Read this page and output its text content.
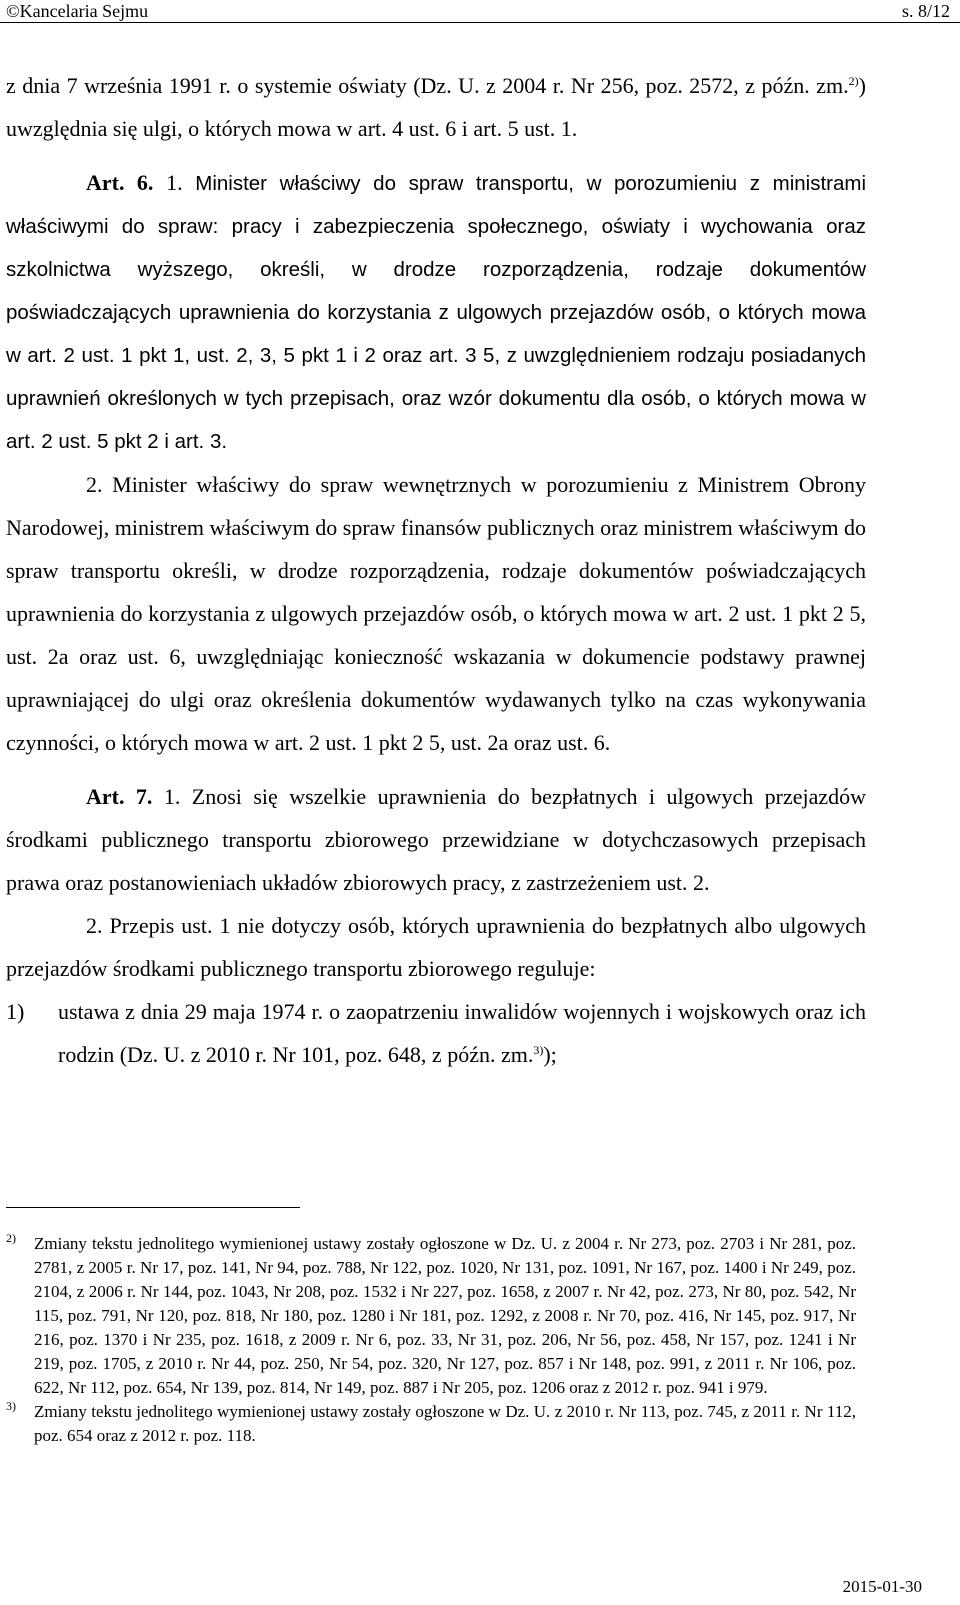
©Kancelaria Sejmu	s. 8/12

z dnia 7 września 1991 r. o systemie oświaty (Dz. U. z 2004 r. Nr 256, poz. 2572, z późn. zm.$^{2)}$) uwzględnia się ulgi, o których mowa w art. 4 ust. 6 i art. 5 ust. 1.

Art. 6. 1. Minister właściwy do spraw transportu, w porozumieniu z ministrami właściwymi do spraw: pracy i zabezpieczenia społecznego, oświaty i wychowania oraz szkolnictwa wyższego, określi, w drodze rozporządzenia, rodzaje dokumentów poświadczających uprawnienia do korzystania z ulgowych przejazdów osób, o których mowa w art. 2 ust. 1 pkt 1, ust. 2, 3, 5 pkt 1 i 2 oraz art. 3 5, z uwzględnieniem rodzaju posiadanych uprawnień określonych w tych przepisach, oraz wzór dokumentu dla osób, o których mowa w art. 2 ust. 5 pkt 2 i art. 3.

2. Minister właściwy do spraw wewnętrznych w porozumieniu z Ministrem Obrony Narodowej, ministrem właściwym do spraw finansów publicznych oraz ministrem właściwym do spraw transportu określi, w drodze rozporządzenia, rodzaje dokumentów poświadczających uprawnienia do korzystania z ulgowych przejazdów osób, o których mowa w art. 2 ust. 1 pkt 2 5, ust. 2a oraz ust. 6, uwzględniając konieczność wskazania w dokumencie podstawy prawnej uprawniającej do ulgi oraz określenia dokumentów wydawanych tylko na czas wykonywania czynności, o których mowa w art. 2 ust. 1 pkt 2 5, ust. 2a oraz ust. 6.

Art. 7. 1. Znosi się wszelkie uprawnienia do bezpłatnych i ulgowych przejazdów środkami publicznego transportu zbiorowego przewidziane w dotychczasowych przepisach prawa oraz postanowieniach układów zbiorowych pracy, z zastrzeżeniem ust. 2.

2. Przepis ust. 1 nie dotyczy osób, których uprawnienia do bezpłatnych albo ulgowych przejazdów środkami publicznego transportu zbiorowego reguluje:

1) ustawa z dnia 29 maja 1974 r. o zaopatrzeniu inwalidów wojennych i wojskowych oraz ich rodzin (Dz. U. z 2010 r. Nr 101, poz. 648, z późn. zm.$^{3)}$);

2) Zmiany tekstu jednolitego wymienionej ustawy zostały ogłoszone w Dz. U. z 2004 r. Nr 273, poz. 2703 i Nr 281, poz. 2781, z 2005 r. Nr 17, poz. 141, Nr 94, poz. 788, Nr 122, poz. 1020, Nr 131, poz. 1091, Nr 167, poz. 1400 i Nr 249, poz. 2104, z 2006 r. Nr 144, poz. 1043, Nr 208, poz. 1532 i Nr 227, poz. 1658, z 2007 r. Nr 42, poz. 273, Nr 80, poz. 542, Nr 115, poz. 791, Nr 120, poz. 818, Nr 180, poz. 1280 i Nr 181, poz. 1292, z 2008 r. Nr 70, poz. 416, Nr 145, poz. 917, Nr 216, poz. 1370 i Nr 235, poz. 1618, z 2009 r. Nr 6, poz. 33, Nr 31, poz. 206, Nr 56, poz. 458, Nr 157, poz. 1241 i Nr 219, poz. 1705, z 2010 r. Nr 44, poz. 250, Nr 54, poz. 320, Nr 127, poz. 857 i Nr 148, poz. 991, z 2011 r. Nr 106, poz. 622, Nr 112, poz. 654, Nr 139, poz. 814, Nr 149, poz. 887 i Nr 205, poz. 1206 oraz z 2012 r. poz. 941 i 979.

3) Zmiany tekstu jednolitego wymienionej ustawy zostały ogłoszone w Dz. U. z 2010 r. Nr 113, poz. 745, z 2011 r. Nr 112, poz. 654 oraz z 2012 r. poz. 118.

2015-01-30
